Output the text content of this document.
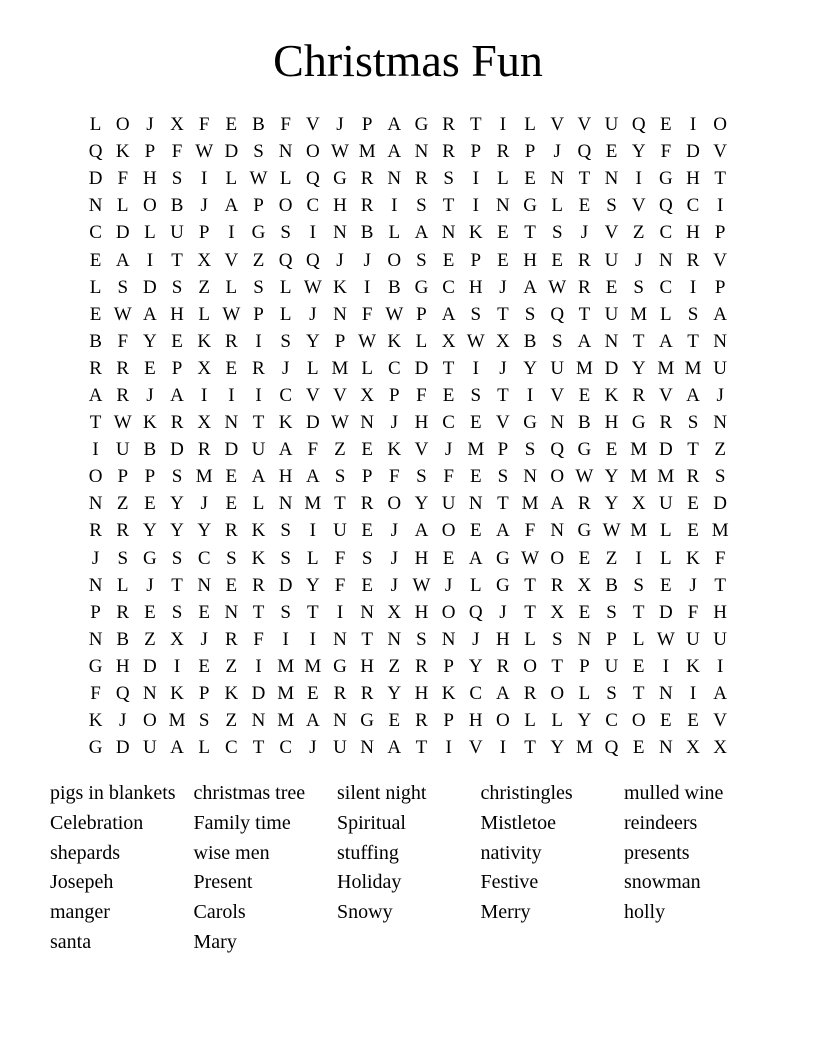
Christmas Fun
L O J X F E B F V J P A G R T I L V V U Q E I O
Q K P F W D S N O W M A N R P R P J Q E Y F D V
D F H S I L W L Q G R N R S I L E N T N I G H T
N L O B J A P O C H R I S T I N G L E S V Q C I
C D L U P I G S I N B L A N K E T S J V Z C H P
E A I T X V Z Q Q J	J O S E P E H E R U J N R V
L S D S Z L S L W K I B G C H J A W R E S C I P
E W A H L W P L J N F W P A S T S Q T U M L S A
B F Y E K R I S Y P W K L X W X B S A N T A T N
R R E P X E R J L M L C D T I	J Y U M D Y M M U
A R J A I	I	I C V V X P F E S T I V E K R V A J
T W K R X N T K D W N J H C E V G N B H G R S N
I U B D R D U A F Z E K V J M P S Q G E M D T Z
O P P S M E A H A S P F S F E S N O W Y M M R S
N Z E Y J E L N M T R O Y U N T M A R Y X U E D
R R Y Y Y R K S I U E J A O E A F N G W M L E M
J S G S C S K S L F S J H E A G W O E Z I L K F
N L J T N E R D Y F E J W J L G T R X B S E J T
P R E S E N T S T I N X H O Q J T X E S T D F H
N B Z X J R F I	I N T N S N J H L S N P L W U U
G H D I E Z I M M G H Z R P Y R O T P U E I K I
F Q N K P K D M E R R Y H K C A R O L S T N I A
K J O M S Z N M A N G E R P H O L L Y C O E E V
G D U A L C T C J U N A T I V I T Y M Q E N X X
pigs in blankets
Celebration
shepards
Josepeh
manger
santa
christmas tree
Family time
wise men
Present
Carols
Mary
silent night
Spiritual
stuffing
Holiday
Snowy
christingles
Mistletoe
nativity
Festive
Merry
mulled wine
reindeers
presents
snowman
holly
